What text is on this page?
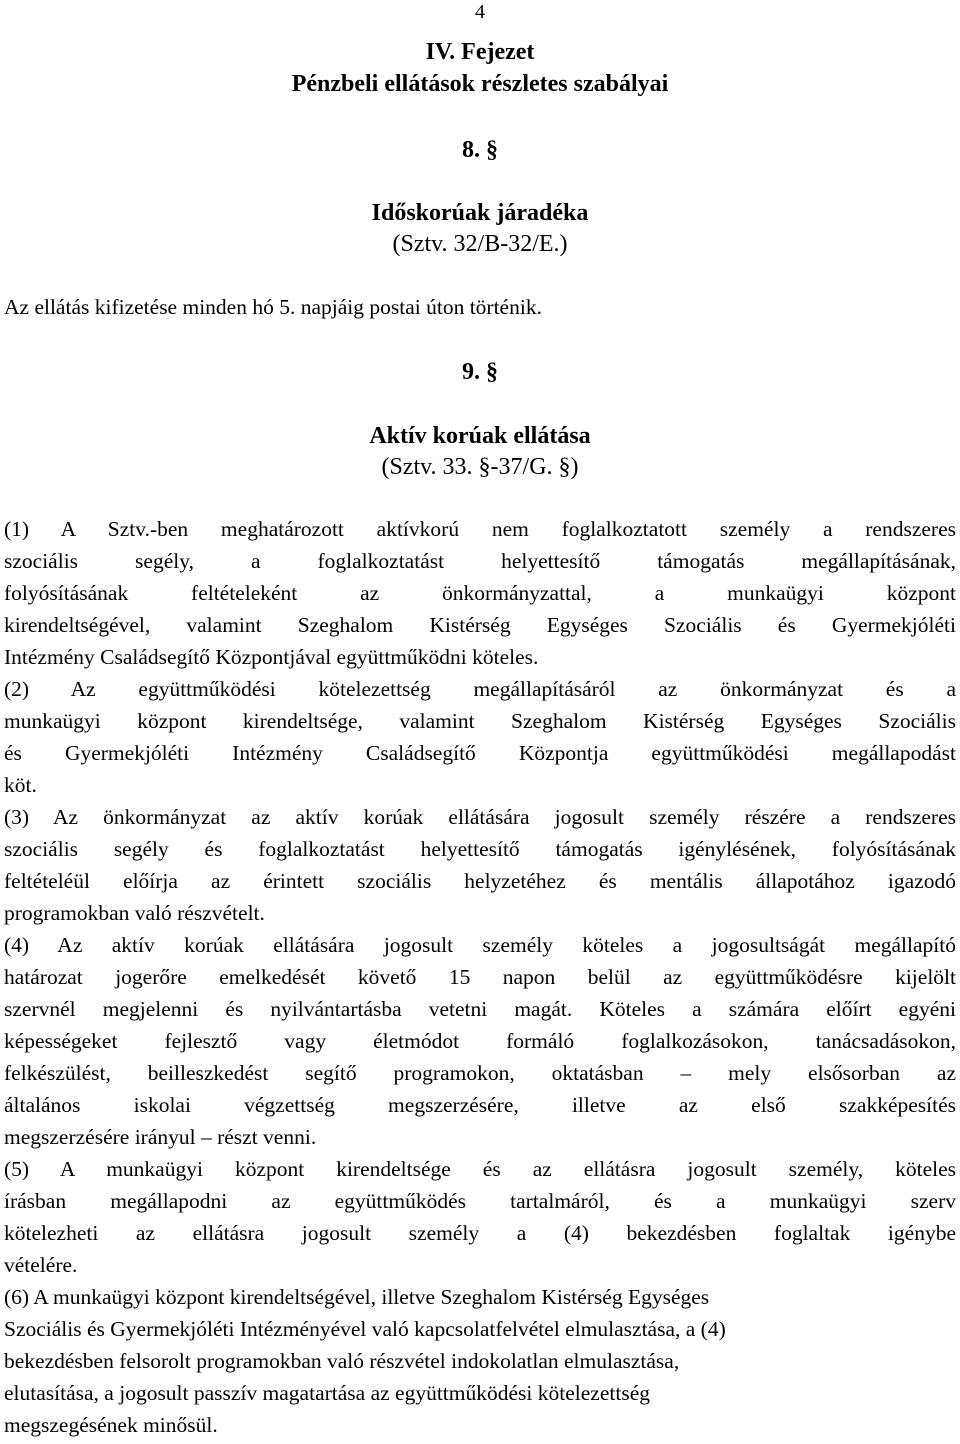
4
IV. Fejezet
Pénzbeli ellátások részletes szabályai
8. §
Időskorúak járadéka
(Sztv. 32/B-32/E.)
Az ellátás kifizetése minden hó 5. napjáig postai úton történik.
9. §
Aktív korúak ellátása
(Sztv. 33. §-37/G. §)
(1) A Sztv.-ben meghatározott aktívkorú nem foglalkoztatott személy a rendszeres
szociális segély, a foglalkoztatást helyettesítő támogatás megállapításának,
folyósításának feltételeként az önkormányzattal, a munkaügyi központ
kirendeltségével, valamint Szeghalom Kistérség Egységes Szociális és Gyermekjóléti
Intézmény Családsegítő Központjával együttműködni köteles.
(2) Az együttműködési kötelezettség megállapításáról az önkormányzat és a
munkaügyi központ kirendeltsége, valamint Szeghalom Kistérség Egységes Szociális
és Gyermekjóléti Intézmény Családsegítő Központja együttműködési megállapodást
köt.
(3) Az önkormányzat az aktív korúak ellátására jogosult személy részére a rendszeres
szociális segély és foglalkoztatást helyettesítő támogatás igénylésének, folyósításának
feltételéül előírja az érintett szociális helyzetéhez és mentális állapotához igazodó
programokban való részvételt.
(4) Az aktív korúak ellátására jogosult személy köteles a jogosultságát megállapító
határozat jogerőre emelkedését követő 15 napon belül az együttműködésre kijelölt
szervnél megjelenni és nyilvántartásba vetetni magát. Köteles a számára előírt egyéni
képességeket fejlesztő vagy életmódot formáló foglalkozásokon, tanácsadásokon,
felkészülést, beilleszkedést segítő programokon, oktatásban – mely elsősorban az
általános iskolai végzettség megszerzésére, illetve az első szakképesítés
megszerzésére irányul – részt venni.
(5) A munkaügyi központ kirendeltsége és az ellátásra jogosult személy, köteles
írásban megállapodni az együttműködés tartalmáról, és a munkaügyi szerv
kötelezheti az ellátásra jogosult személy a (4) bekezdésben foglaltak igénybe
vételére.
(6) A munkaügyi központ kirendeltségével, illetve Szeghalom Kistérség Egységes
Szociális és Gyermekjóléti Intézményével való kapcsolatfelvétel elmulasztása, a (4)
bekezdésben felsorolt programokban való részvétel indokolatlan elmulasztása,
elutasítása, a jogosult passzív magatartása az együttműködési kötelezettség
megszegésének minősül.
